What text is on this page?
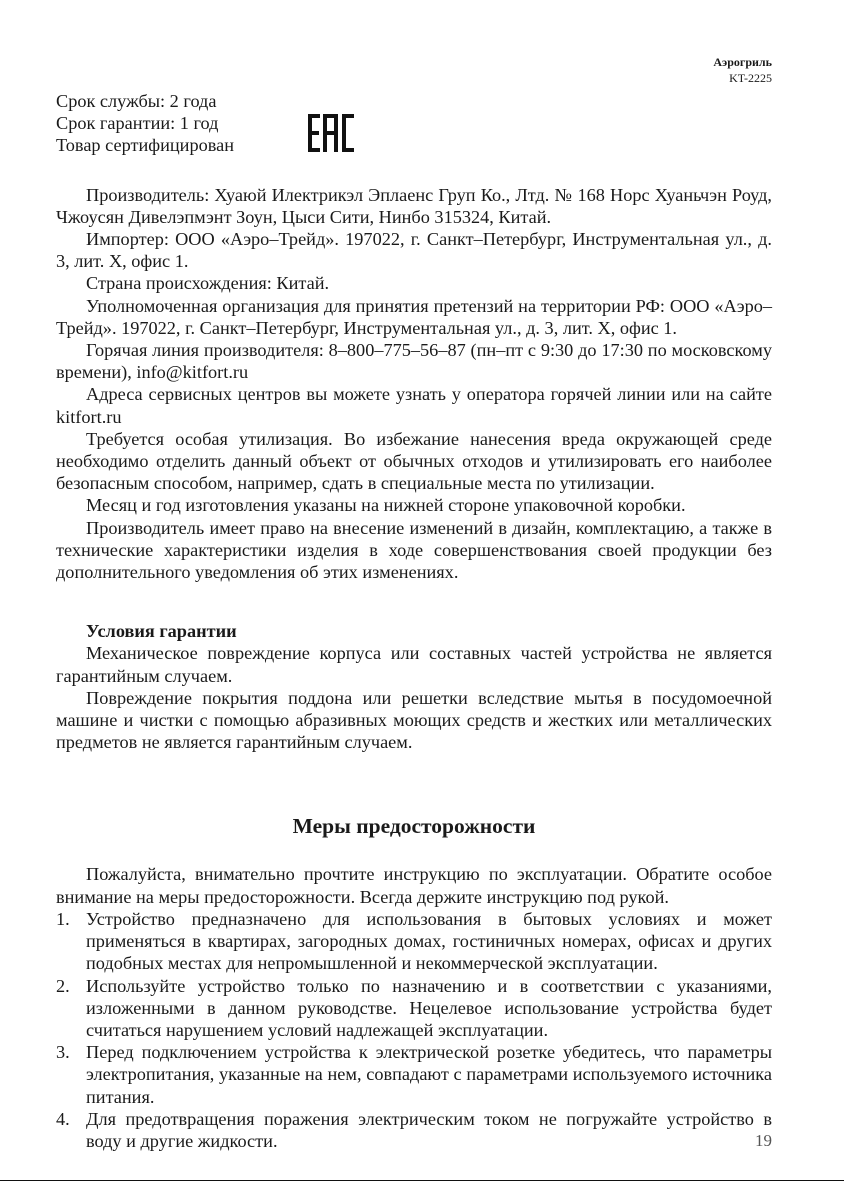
Аэрогриль
KT-2225
Срок службы: 2 года
Срок гарантии: 1 год
Товар сертифицирован

Производитель: Хуаюй Илектрикэл Эплаенс Груп Ко., Лтд. № 168 Норс Хуаньчэн Роуд, Чжоусян Дивелэпмэнт Зоун, Цыси Сити, Нинбо 315324, Китай.

Импортер: ООО «Аэро–Трейд». 197022, г. Санкт–Петербург, Инструментальная ул., д. 3, лит. Х, офис 1.

Страна происхождения: Китай.

Уполномоченная организация для принятия претензий на территории РФ: ООО «Аэро–Трейд». 197022, г. Санкт–Петербург, Инструментальная ул., д. 3, лит. Х, офис 1.

Горячая линия производителя: 8–800–775–56–87 (пн–пт с 9:30 до 17:30 по московскому времени), info@kitfort.ru

Адреса сервисных центров вы можете узнать у оператора горячей линии или на сайте kitfort.ru

Требуется особая утилизация. Во избежание нанесения вреда окружающей среде необходимо отделить данный объект от обычных отходов и утилизировать его наиболее безопасным способом, например, сдать в специальные места по утилизации.

Месяц и год изготовления указаны на нижней стороне упаковочной коробки.

Производитель имеет право на внесение изменений в дизайн, комплектацию, а также в технические характеристики изделия в ходе совершенствования своей продукции без дополнительного уведомления об этих изменениях.

Условия гарантии

Механическое повреждение корпуса или составных частей устройства не является гарантийным случаем.

Повреждение покрытия поддона или решетки вследствие мытья в посудомоечной машине и чистки с помощью абразивных моющих средств и жестких или металлических предметов не является гарантийным случаем.

Меры предосторожности

Пожалуйста, внимательно прочтите инструкцию по эксплуатации. Обратите особое внимание на меры предосторожности. Всегда держите инструкцию под рукой.

1. Устройство предназначено для использования в бытовых условиях и может применяться в квартирах, загородных домах, гостиничных номерах, офисах и других подобных местах для непромышленной и некоммерческой эксплуатации.
2. Используйте устройство только по назначению и в соответствии с указаниями, изложенными в данном руководстве. Нецелевое использование устройства будет считаться нарушением условий надлежащей эксплуатации.
3. Перед подключением устройства к электрической розетке убедитесь, что параметры электропитания, указанные на нем, совпадают с параметрами используемого источника питания.
4. Для предотвращения поражения электрическим током не погружайте устройство в воду и другие жидкости.	19
